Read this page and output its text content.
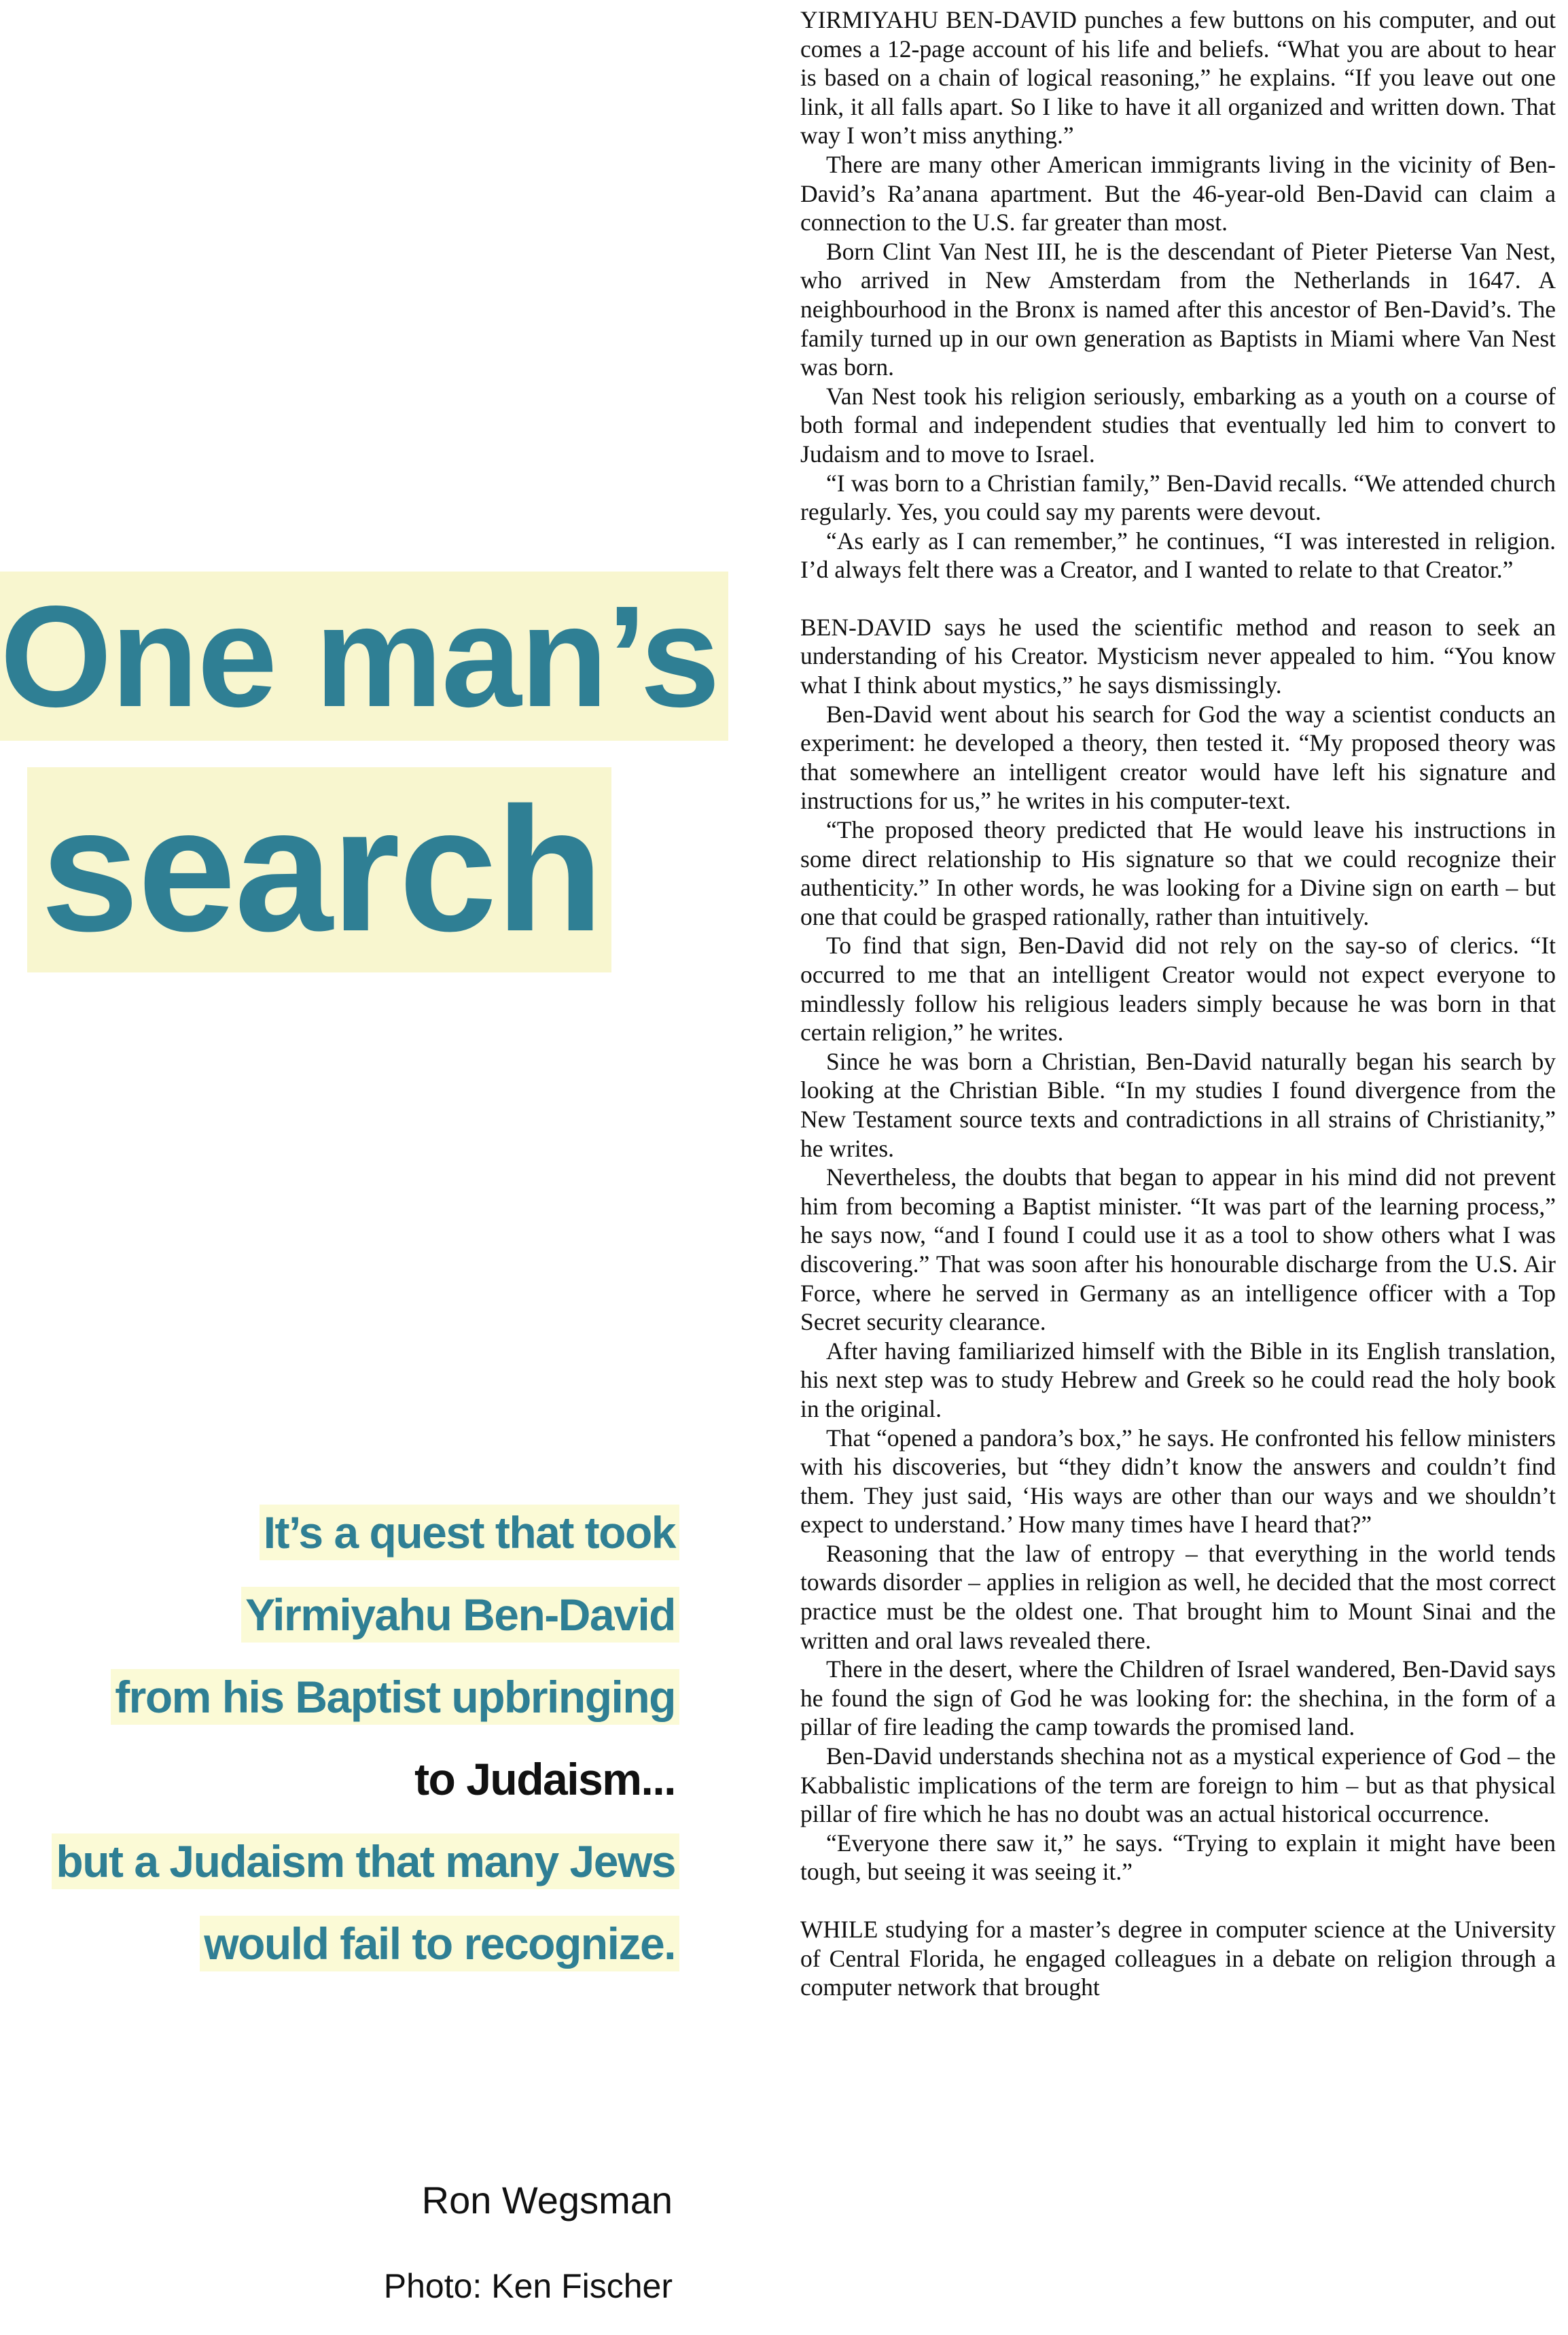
One man’s
search
It’s a quest that took
Yirmiyahu Ben-David
from his Baptist upbringing
to Judaism...
but a Judaism that many Jews
would fail to recognize.
Ron Wegsman
Photo: Ken Fischer

YIRMIYAHU BEN-DAVID punches a few buttons on his computer, and out comes a 12-page account of his life and beliefs. “What you are about to hear is based on a chain of logical reasoning,” he explains. “If you leave out one link, it all falls apart. So I like to have it all organized and written down. That way I won’t miss anything.”

There are many other American immigrants living in the vicinity of Ben-David’s Ra’anana apartment. But the 46-year-old Ben-David can claim a connection to the U.S. far greater than most.

Born Clint Van Nest III, he is the descendant of Pieter Pieterse Van Nest, who arrived in New Amsterdam from the Netherlands in 1647. A neighbourhood in the Bronx is named after this ancestor of Ben-David’s. The family turned up in our own generation as Baptists in Miami where Van Nest was born.

Van Nest took his religion seriously, embarking as a youth on a course of both formal and independent studies that eventually led him to convert to Judaism and to move to Israel.

“I was born to a Christian family,” Ben-David recalls. “We attended church regularly. Yes, you could say my parents were devout.

“As early as I can remember,” he continues, “I was interested in religion. I’d always felt there was a Creator, and I wanted to relate to that Creator.”

BEN-DAVID says he used the scientific method and reason to seek an understanding of his Creator. Mysticism never appealed to him. “You know what I think about mystics,” he says dismissingly.

Ben-David went about his search for God the way a scientist conducts an experiment: he developed a theory, then tested it. “My proposed theory was that somewhere an intelligent creator would have left his signature and instructions for us,” he writes in his computer-text.

“The proposed theory predicted that He would leave his instructions in some direct relationship to His signature so that we could recognize their authenticity.” In other words, he was looking for a Divine sign on earth – but one that could be grasped rationally, rather than intuitively.

To find that sign, Ben-David did not rely on the say-so of clerics. “It occurred to me that an intelligent Creator would not expect everyone to mindlessly follow his religious leaders simply because he was born in that certain religion,” he writes.

Since he was born a Christian, Ben-David naturally began his search by looking at the Christian Bible. “In my studies I found divergence from the New Testament source texts and contradictions in all strains of Christianity,” he writes.

Nevertheless, the doubts that began to appear in his mind did not prevent him from becoming a Baptist minister. “It was part of the learning process,” he says now, “and I found I could use it as a tool to show others what I was discovering.” That was soon after his honourable discharge from the U.S. Air Force, where he served in Germany as an intelligence officer with a Top Secret security clearance.

After having familiarized himself with the Bible in its English translation, his next step was to study Hebrew and Greek so he could read the holy book in the original.

That “opened a pandora’s box,” he says. He confronted his fellow ministers with his discoveries, but “they didn’t know the answers and couldn’t find them. They just said, ‘His ways are other than our ways and we shouldn’t expect to understand.’ How many times have I heard that?”

Reasoning that the law of entropy – that everything in the world tends towards disorder – applies in religion as well, he decided that the most correct practice must be the oldest one. That brought him to Mount Sinai and the written and oral laws revealed there.

There in the desert, where the Children of Israel wandered, Ben-David says he found the sign of God he was looking for: the shechina, in the form of a pillar of fire leading the camp towards the promised land.

Ben-David understands shechina not as a mystical experience of God – the Kabbalistic implications of the term are foreign to him – but as that physical pillar of fire which he has no doubt was an actual historical occurrence.

“Everyone there saw it,” he says. “Trying to explain it might have been tough, but seeing it was seeing it.”

WHILE studying for a master’s degree in computer science at the University of Central Florida, he engaged colleagues in a debate on religion through a computer network that brought
